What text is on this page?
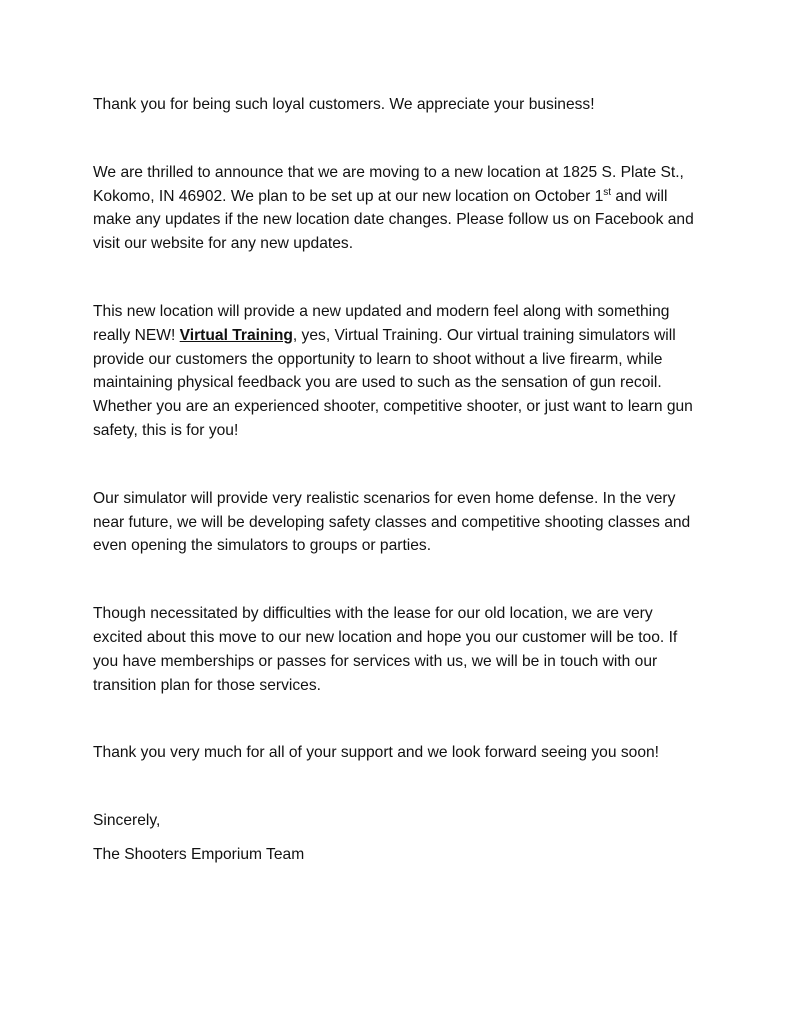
Thank you for being such loyal customers. We appreciate your business!

We are thrilled to announce that we are moving to a new location at 1825 S. Plate St., Kokomo, IN 46902. We plan to be set up at our new location on October 1st and will make any updates if the new location date changes. Please follow us on Facebook and visit our website for any new updates.

This new location will provide a new updated and modern feel along with something really NEW! Virtual Training, yes, Virtual Training. Our virtual training simulators will provide our customers the opportunity to learn to shoot without a live firearm, while maintaining physical feedback you are used to such as the sensation of gun recoil. Whether you are an experienced shooter, competitive shooter, or just want to learn gun safety, this is for you!

Our simulator will provide very realistic scenarios for even home defense. In the very near future, we will be developing safety classes and competitive shooting classes and even opening the simulators to groups or parties.

Though necessitated by difficulties with the lease for our old location, we are very excited about this move to our new location and hope you our customer will be too. If you have memberships or passes for services with us, we will be in touch with our transition plan for those services.

Thank you very much for all of your support and we look forward seeing you soon!

Sincerely,

The Shooters Emporium Team
